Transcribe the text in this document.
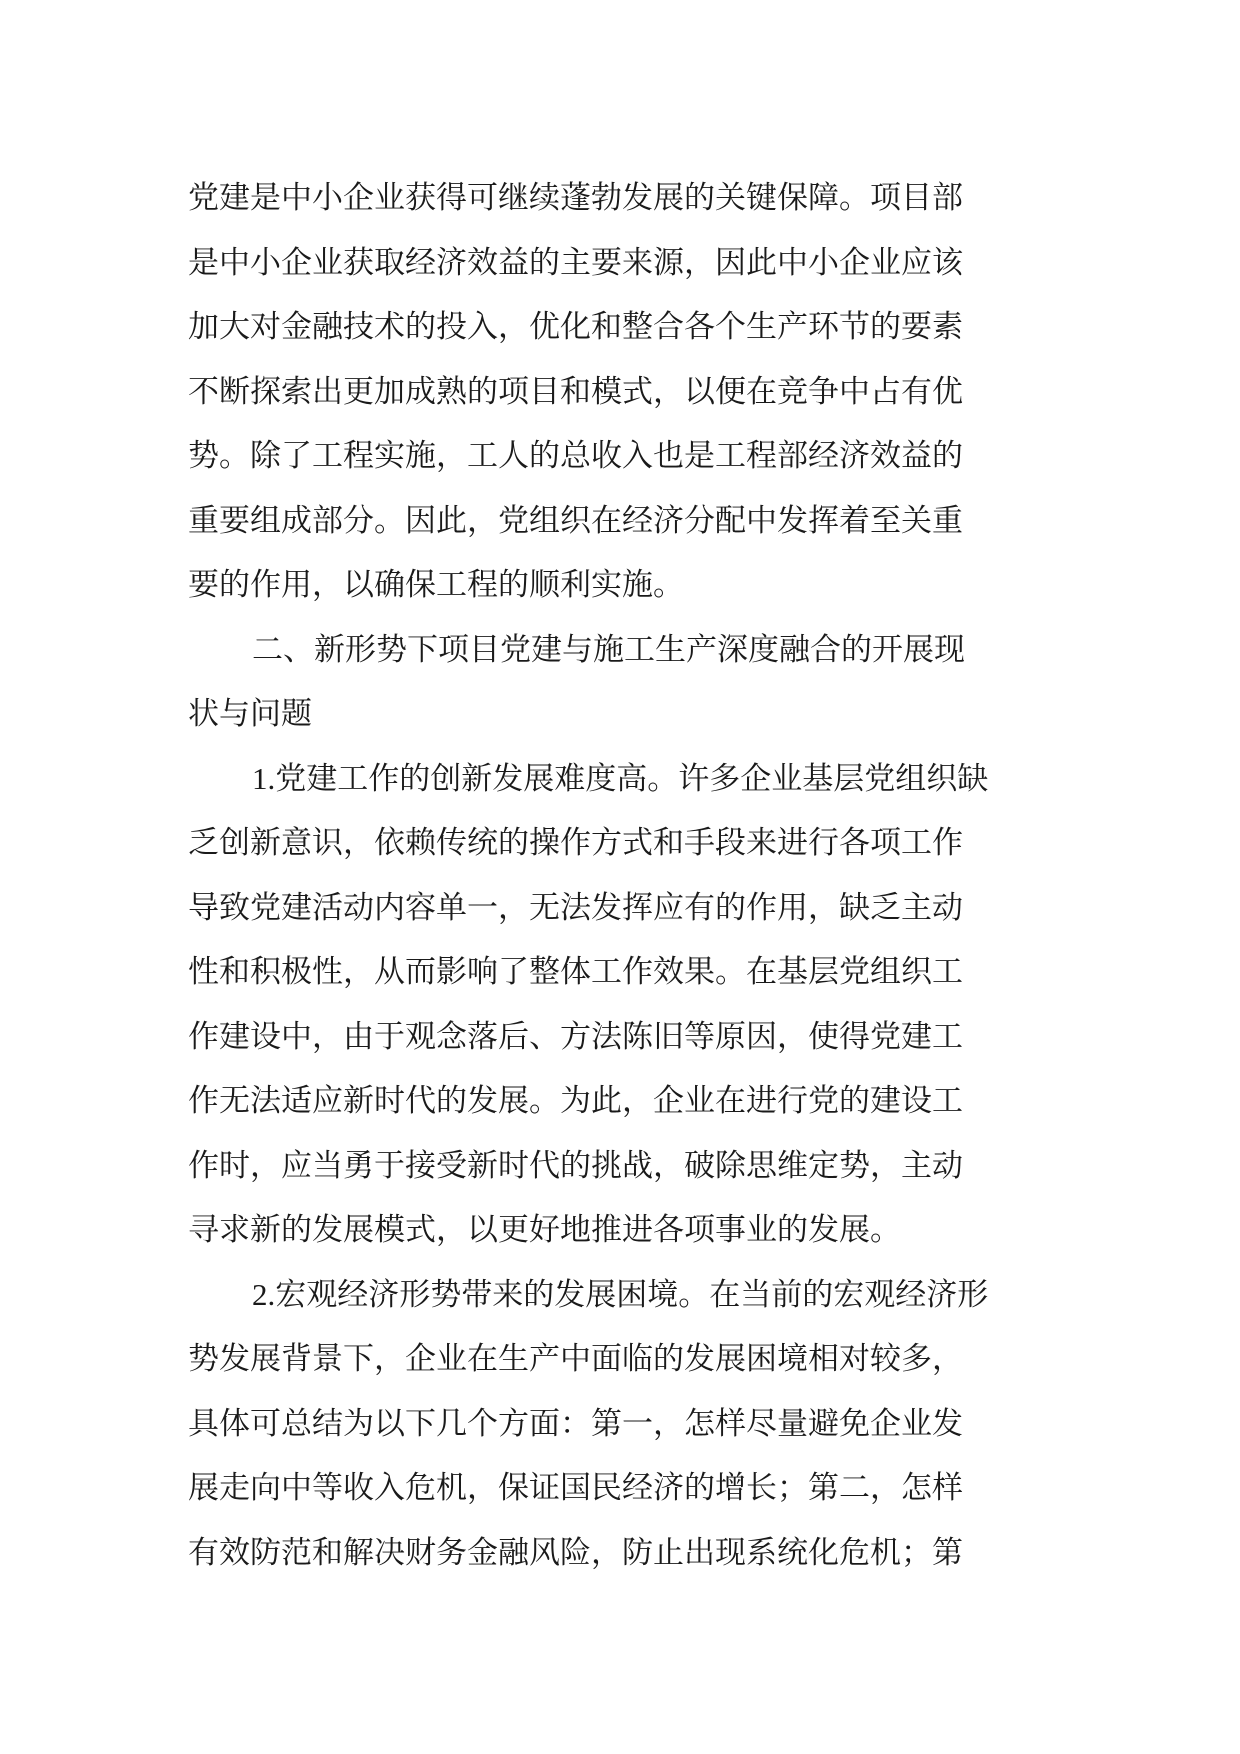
党建是中小企业获得可继续蓬勃发展的关键保障。项目部
是中小企业获取经济效益的主要来源，因此中小企业应该
加大对金融技术的投入，优化和整合各个生产环节的要素
不断探索出更加成熟的项目和模式，以便在竞争中占有优
势。除了工程实施，工人的总收入也是工程部经济效益的
重要组成部分。因此，党组织在经济分配中发挥着至关重
要的作用，以确保工程的顺利实施。
二、新形势下项目党建与施工生产深度融合的开展现
状与问题
1.党建工作的创新发展难度高。许多企业基层党组织缺
乏创新意识，依赖传统的操作方式和手段来进行各项工作
导致党建活动内容单一，无法发挥应有的作用，缺乏主动
性和积极性，从而影响了整体工作效果。在基层党组织工
作建设中，由于观念落后、方法陈旧等原因，使得党建工
作无法适应新时代的发展。为此，企业在进行党的建设工
作时，应当勇于接受新时代的挑战，破除思维定势，主动
寻求新的发展模式，以更好地推进各项事业的发展。
2.宏观经济形势带来的发展困境。在当前的宏观经济形
势发展背景下，企业在生产中面临的发展困境相对较多，
具体可总结为以下几个方面：第一，怎样尽量避免企业发
展走向中等收入危机，保证国民经济的增长；第二，怎样
有效防范和解决财务金融风险，防止出现系统化危机；第
